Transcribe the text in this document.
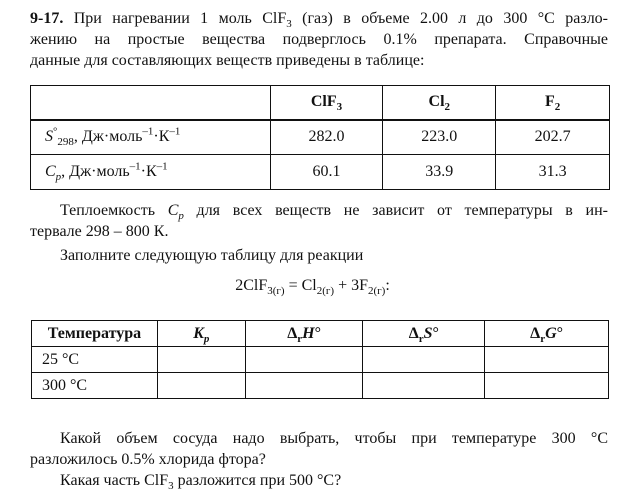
9-17. При нагревании 1 моль ClF$_3$ (газ) в объеме 2.00 л до 300 °С разло-
жению на простые вещества подверглось 0.1% препарата. Справочные
данные для составляющих веществ приведены в таблице:

	ClF$_3$	$Cl_2$	$F_2$
$S^\circ_{298}$, $Дж\cdot моль^{-1}\cdot К^{-1}$	282.0	223.0	202.7
$C_p$, $Дж\cdot моль^{-1}\cdot К^{-1}$	60.1	33.9	31.3

Теплоемкость $C_p$ для всех веществ не зависит от температуры в ин-
тервале 298 – 800 К.

Заполните следующую таблицу для реакции

$2ClF_{3(г)} = Cl_{2(г)} + 3F_{2(г)}$:
Температура	$K_p$	$\Delta_rH^\circ$	$\Delta_rS^\circ$	$\Delta_rG^\circ$
25 °С				
300 °С				

Какой объем сосуда надо выбрать, чтобы при температуре 300 °С
разложилось 0.5% хлорида фтора?

Какая часть ClF$_3$ разложится при 500 °С?
